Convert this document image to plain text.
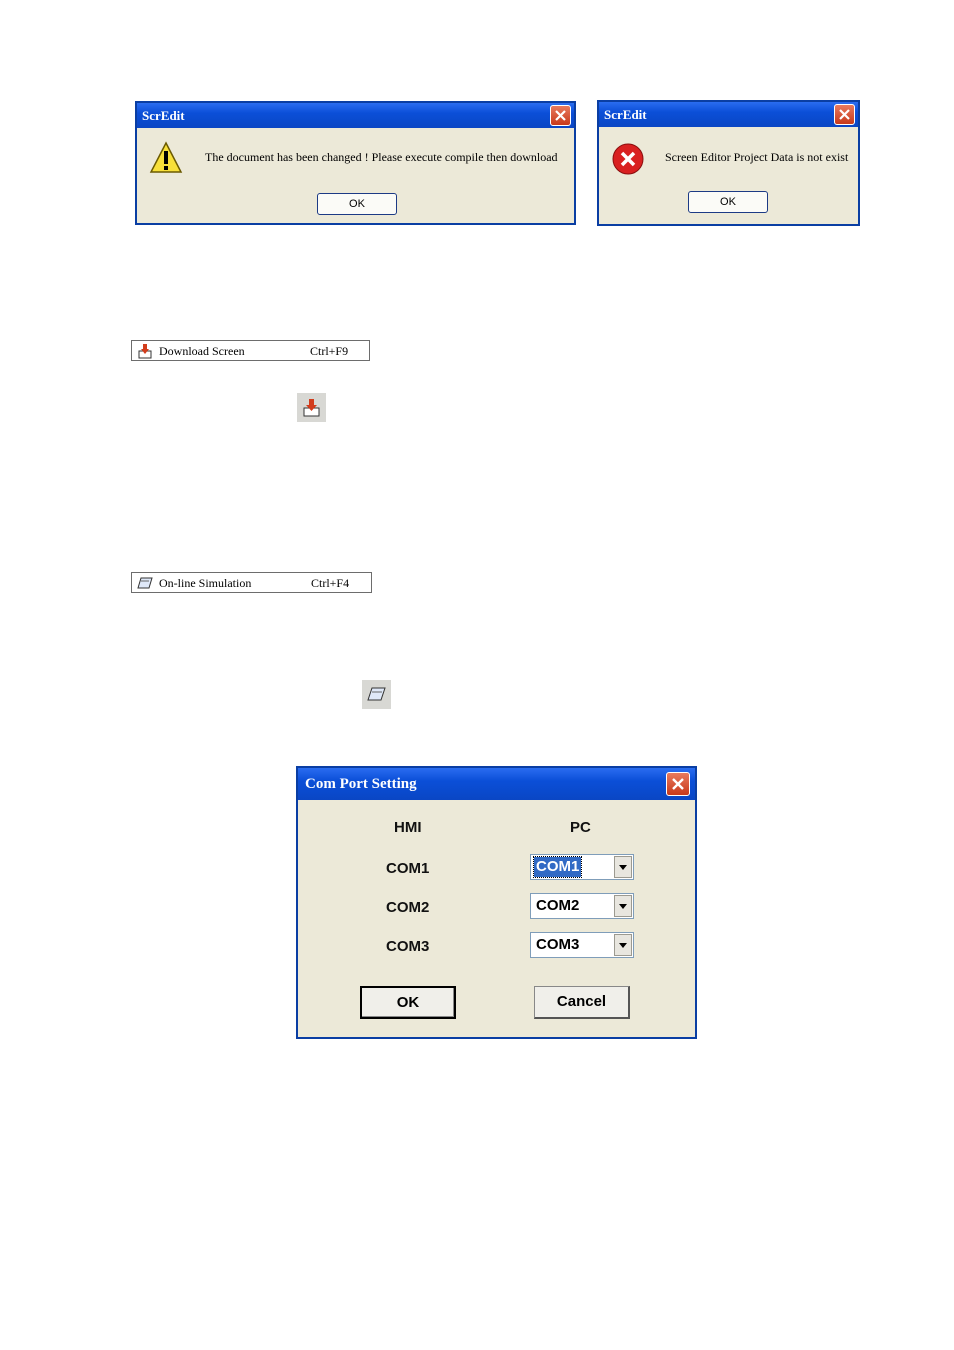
ScrEdit
The document has been changed ! Please execute compile then download
OK
ScrEdit
Screen Editor Project Data is not exist
OK
Download Screen	Ctrl+F9
On-line Simulation	Ctrl+F4
Com Port Setting
HMI	PC
COM1	COM1
COM2	COM2
COM3	COM3
OK	Cancel
